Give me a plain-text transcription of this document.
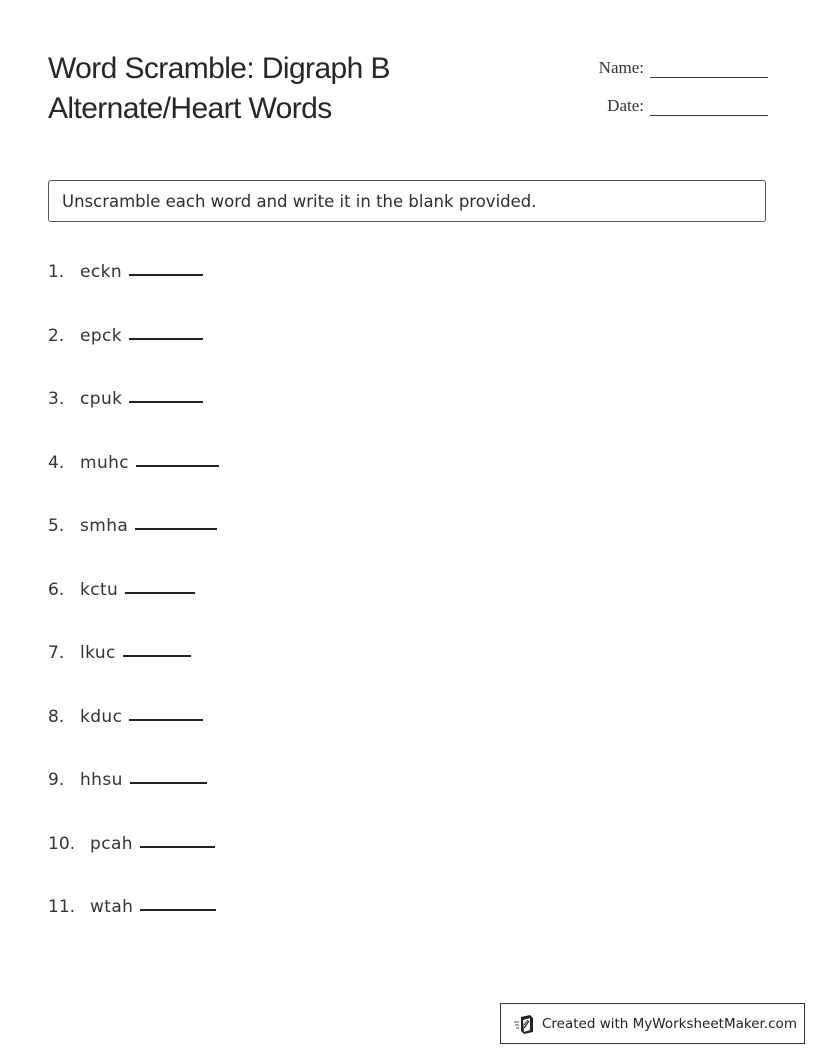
Word Scramble: Digraph B
Alternate/Heart Words
Name:
Date:
Unscramble each word and write it in the blank provided.
1. eckn
2. epck
3. cpuk
4. muhc
5. smha
6. kctu
7. lkuc
8. kduc
9. hhsu
10. pcah
11. wtah
Created with MyWorksheetMaker.com
